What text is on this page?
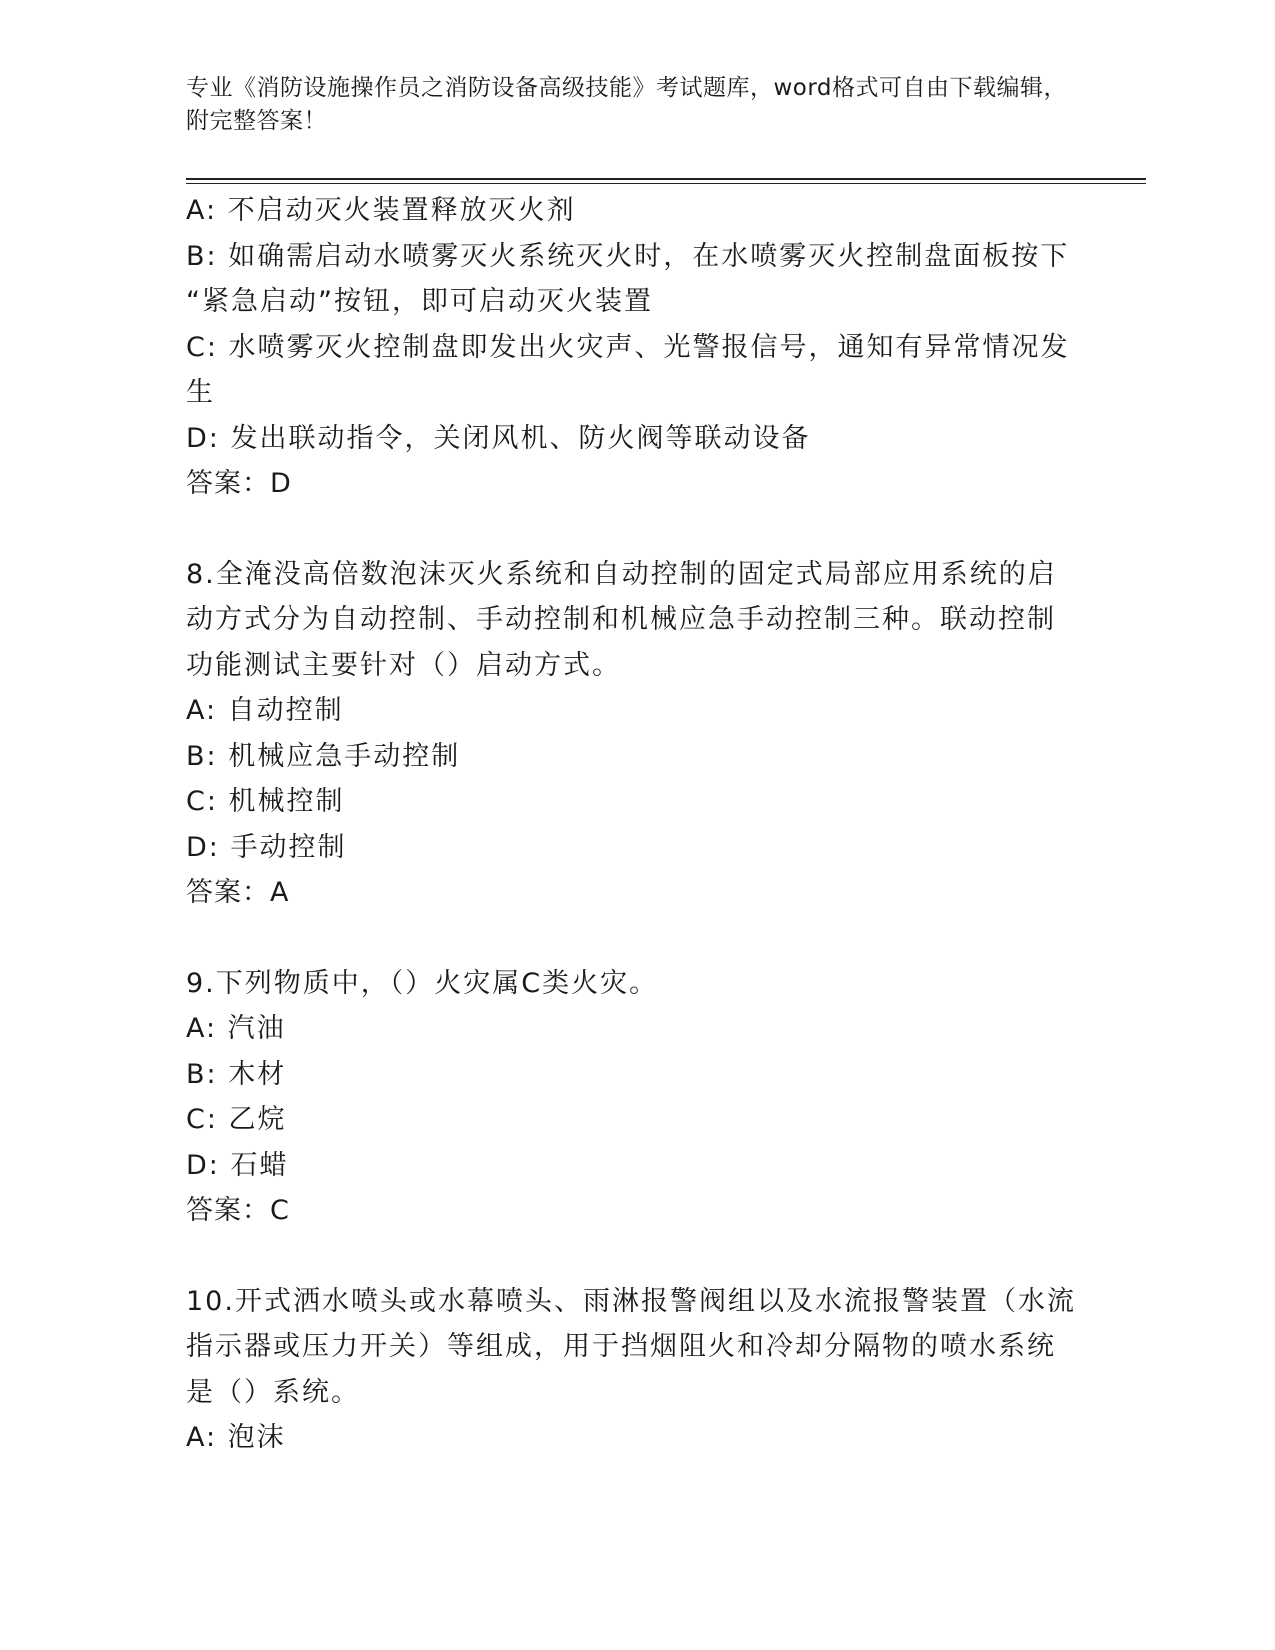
专业《消防设施操作员之消防设备高级技能》考试题库，word格式可自由下载编辑，附完整答案！

A: 不启动灭火装置释放灭火剂

B: 如确需启动水喷雾灭火系统灭火时，在水喷雾灭火控制盘面板按下

“紧急启动”按钮，即可启动灭火装置

C: 水喷雾灭火控制盘即发出火灾声、光警报信号，通知有异常情况发

生

D: 发出联动指令，关闭风机、防火阀等联动设备

答案：D

8.全淹没高倍数泡沫灭火系统和自动控制的固定式局部应用系统的启

动方式分为自动控制、手动控制和机械应急手动控制三种。联动控制

功能测试主要针对（）启动方式。

A: 自动控制

B: 机械应急手动控制

C: 机械控制

D: 手动控制

答案：A

9.下列物质中，（）火灾属C类火灾。

A: 汽油

B: 木材

C: 乙烷

D: 石蜡

答案：C

10.开式洒水喷头或水幕喷头、雨淋报警阀组以及水流报警装置（水流

指示器或压力开关）等组成，用于挡烟阻火和冷却分隔物的喷水系统

是（）系统。

A: 泡沫
